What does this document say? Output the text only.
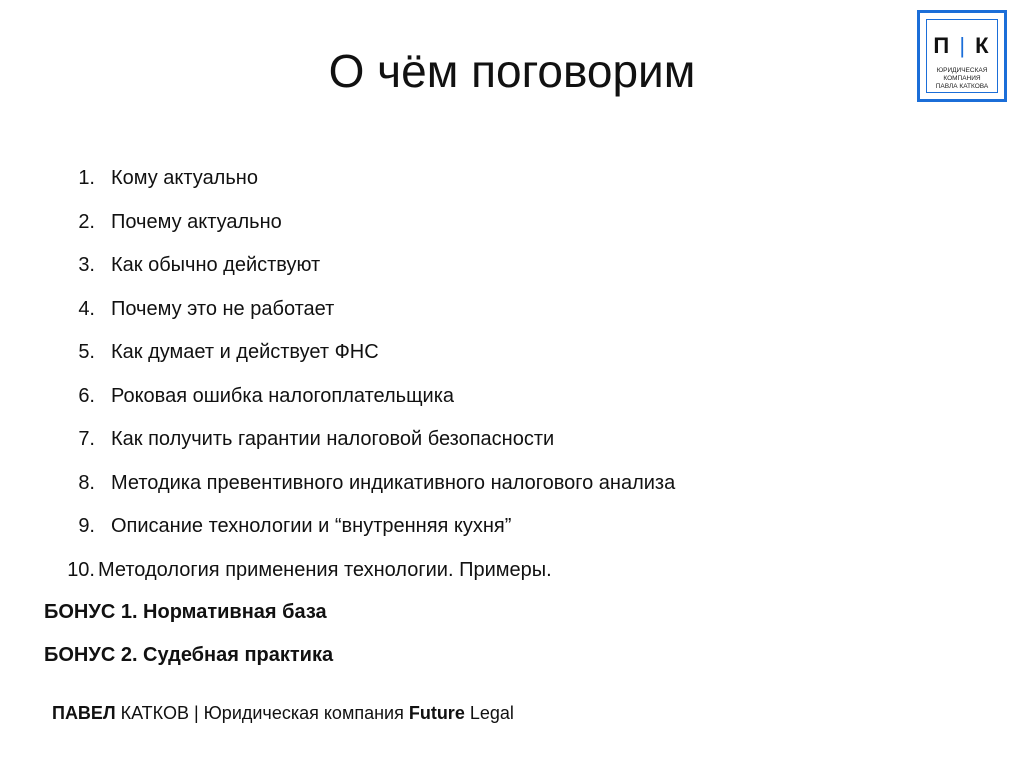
О чём поговорим	П | К
ЮРИДИЧЕСКАЯ
КОМПАНИЯ
ПАВЛА КАТКОВА
1. Кому актуально
2. Почему актуально
3. Как обычно действуют
4. Почему это не работает
5. Как думает и действует ФНС
6. Роковая ошибка налогоплательщика
7. Как получить гарантии налоговой безопасности
8. Методика превентивного индикативного налогового анализа
9. Описание технологии и “внутренняя кухня”
10. Методология применения технологии. Примеры.
БОНУС 1. Нормативная база
БОНУС 2. Судебная практика
ПАВЕЛ КАТКОВ | Юридическая компания Future Legal
